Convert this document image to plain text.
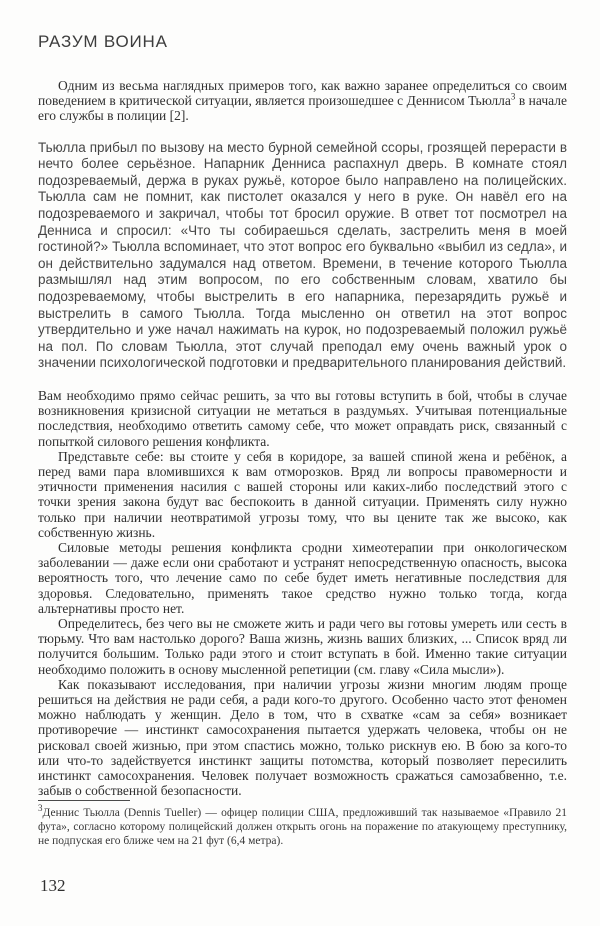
РАЗУМ ВОИНА

Одним из весьма наглядных примеров того, как важно заранее определиться со своим поведением в критической ситуации, является произошедшее с Деннисом Тьюлла$^3$ в начале его службы в полиции [2].

Тьюлла прибыл по вызову на место бурной семейной ссоры, грозящей перерасти в нечто более серьёзное. Напарник Денниса распахнул дверь. В комнате стоял подозреваемый, держа в руках ружьё, которое было направлено на полицейских. Тьюлла сам не помнит, как пистолет оказался у него в руке. Он навёл его на подозреваемого и закричал, чтобы тот бросил оружие. В ответ тот посмотрел на Денниса и спросил: «Что ты собираешься сделать, застрелить меня в моей гостиной?» Тьюлла вспоминает, что этот вопрос его буквально «выбил из седла», и он действительно задумался над ответом. Времени, в течение которого Тьюлла размышлял над этим вопросом, по его собственным словам, хватило бы подозреваемому, чтобы выстрелить в его напарника, перезарядить ружьё и выстрелить в самого Тьюлла. Тогда мысленно он ответил на этот вопрос утвердительно и уже начал нажимать на курок, но подозреваемый положил ружьё на пол. По словам Тьюлла, этот случай преподал ему очень важный урок о значении психологической подготовки и предварительного планирования действий.

Вам необходимо прямо сейчас решить, за что вы готовы вступить в бой, чтобы в случае возникновения кризисной ситуации не метаться в раздумьях. Учитывая потенциальные последствия, необходимо ответить самому себе, что может оправдать риск, связанный с попыткой силового решения конфликта.

Представьте себе: вы стоите у себя в коридоре, за вашей спиной жена и ребёнок, а перед вами пара вломившихся к вам отморозков. Вряд ли вопросы правомерности и этичности применения насилия с вашей стороны или каких-либо последствий этого с точки зрения закона будут вас беспокоить в данной ситуации. Применять силу нужно только при наличии неотвратимой угрозы тому, что вы цените так же высоко, как собственную жизнь.

Силовые методы решения конфликта сродни химеотерапии при онкологическом заболевании — даже если они сработают и устранят непосредственную опасность, высока вероятность того, что лечение само по себе будет иметь негативные последствия для здоровья. Следовательно, применять такое средство нужно только тогда, когда альтернативы просто нет.

Определитесь, без чего вы не сможете жить и ради чего вы готовы умереть или сесть в тюрьму. Что вам настолько дорого? Ваша жизнь, жизнь ваших близких, ... Список вряд ли получится большим. Только ради этого и стоит вступать в бой. Именно такие ситуации необходимо положить в основу мысленной репетиции (см. главу «Сила мысли»).

Как показывают исследования, при наличии угрозы жизни многим людям проще решиться на действия не ради себя, а ради кого-то другого. Особенно часто этот феномен можно наблюдать у женщин. Дело в том, что в схватке «сам за себя» возникает противоречие — инстинкт самосохранения пытается удержать человека, чтобы он не рисковал своей жизнью, при этом спастись можно, только рискнув ею. В бою за кого-то или что-то задействуется инстинкт защиты потомства, который позволяет пересилить инстинкт самосохранения. Человек получает возможность сражаться самозабвенно, т.е. забыв о собственной безопасности.

$^3$Деннис Тьюлла (Dennis Tueller) — офицер полиции США, предложивший так называемое «Правило 21 фута», согласно которому полицейский должен открыть огонь на поражение по атакующему преступнику, не подпуская его ближе чем на 21 фут (6,4 метра).

132
